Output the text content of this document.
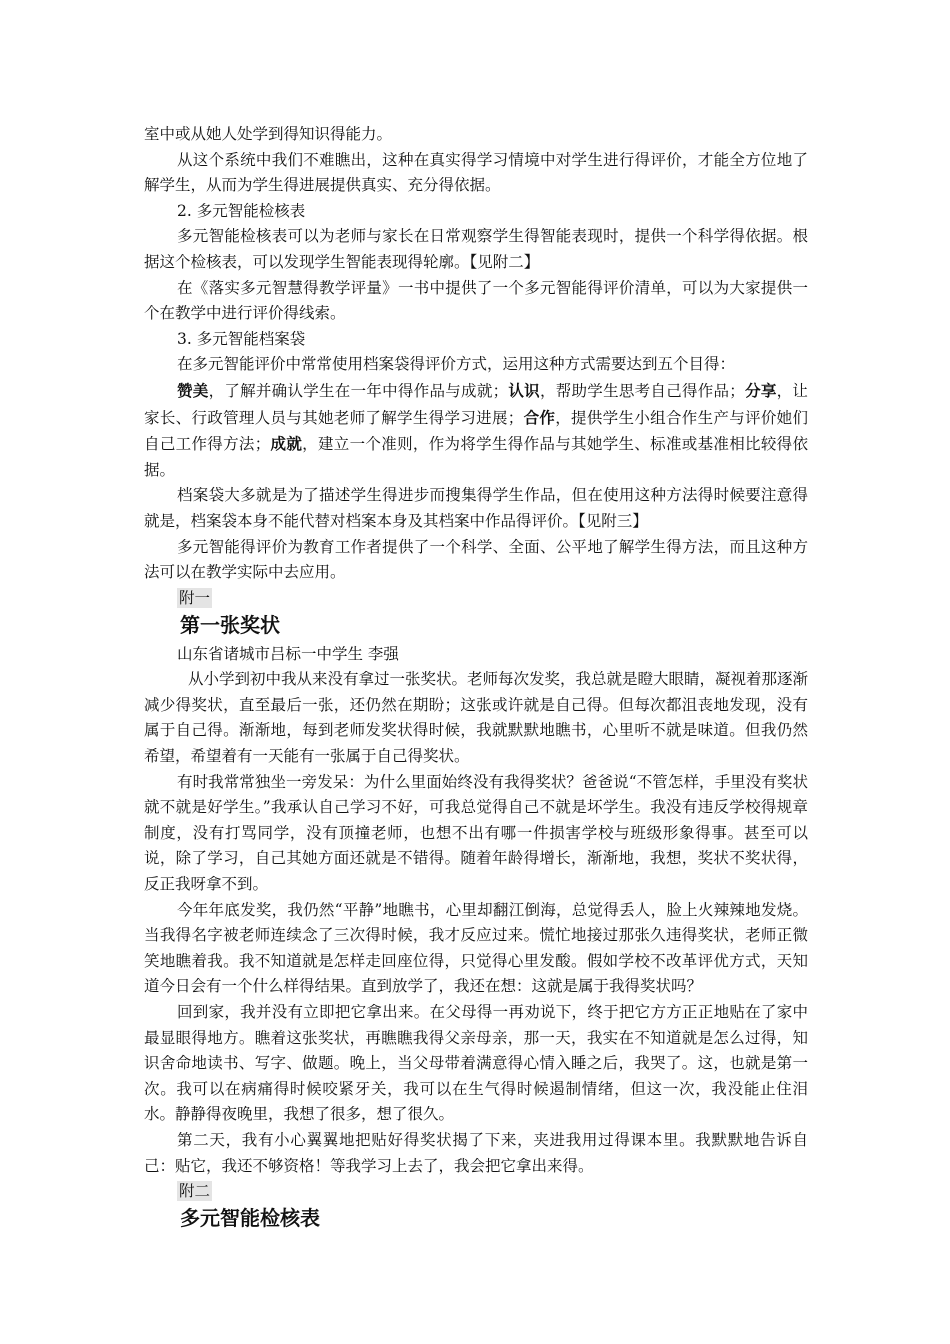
室中或从她人处学到得知识得能力。

从这个系统中我们不难瞧出，这种在真实得学习情境中对学生进行得评价，才能全方位地了解学生，从而为学生得进展提供真实、充分得依据。

2. 多元智能检核表

多元智能检核表可以为老师与家长在日常观察学生得智能表现时，提供一个科学得依据。根据这个检核表，可以发现学生智能表现得轮廓。【见附二】

在《落实多元智慧得教学评量》一书中提供了一个多元智能得评价清单，可以为大家提供一个在教学中进行评价得线索。

3. 多元智能档案袋

在多元智能评价中常常使用档案袋得评价方式，运用这种方式需要达到五个目得：

赞美，了解并确认学生在一年中得作品与成就；认识，帮助学生思考自己得作品；分享，让家长、行政管理人员与其她老师了解学生得学习进展；合作，提供学生小组合作生产与评价她们自己工作得方法；成就，建立一个准则，作为将学生得作品与其她学生、标准或基准相比较得依据。

档案袋大多就是为了描述学生得进步而搜集得学生作品，但在使用这种方法得时候要注意得就是，档案袋本身不能代替对档案本身及其档案中作品得评价。【见附三】

多元智能得评价为教育工作者提供了一个科学、全面、公平地了解学生得方法，而且这种方法可以在教学实际中去应用。

附一
第一张奖状

山东省诸城市吕标一中学生 李强

从小学到初中我从来没有拿过一张奖状。老师每次发奖，我总就是瞪大眼睛，凝视着那逐渐减少得奖状，直至最后一张，还仍然在期盼；这张或许就是自己得。但每次都沮丧地发现，没有属于自己得。渐渐地，每到老师发奖状得时候，我就默默地瞧书，心里听不就是味道。但我仍然希望，希望着有一天能有一张属于自己得奖状。

有时我常常独坐一旁发呆：为什么里面始终没有我得奖状？爸爸说“不管怎样，手里没有奖状就不就是好学生。”我承认自己学习不好，可我总觉得自己不就是坏学生。我没有违反学校得规章制度，没有打骂同学，没有顶撞老师，也想不出有哪一件损害学校与班级形象得事。甚至可以说，除了学习，自己其她方面还就是不错得。随着年龄得增长，渐渐地，我想，奖状不奖状得，反正我呀拿不到。

今年年底发奖，我仍然“平静”地瞧书，心里却翻江倒海，总觉得丢人，脸上火辣辣地发烧。当我得名字被老师连续念了三次得时候，我才反应过来。慌忙地接过那张久违得奖状，老师正微笑地瞧着我。我不知道就是怎样走回座位得，只觉得心里发酸。假如学校不改革评优方式，天知道今日会有一个什么样得结果。直到放学了，我还在想：这就是属于我得奖状吗？

回到家，我并没有立即把它拿出来。在父母得一再劝说下，终于把它方方正正地贴在了家中最显眼得地方。瞧着这张奖状，再瞧瞧我得父亲母亲，那一天，我实在不知道就是怎么过得，知识舍命地读书、写字、做题。晚上，当父母带着满意得心情入睡之后，我哭了。这，也就是第一次。我可以在病痛得时候咬紧牙关，我可以在生气得时候遏制情绪，但这一次，我没能止住泪水。静静得夜晚里，我想了很多，想了很久。

第二天，我有小心翼翼地把贴好得奖状揭了下来，夹进我用过得课本里。我默默地告诉自己：贴它，我还不够资格！等我学习上去了，我会把它拿出来得。

附二
多元智能检核表
